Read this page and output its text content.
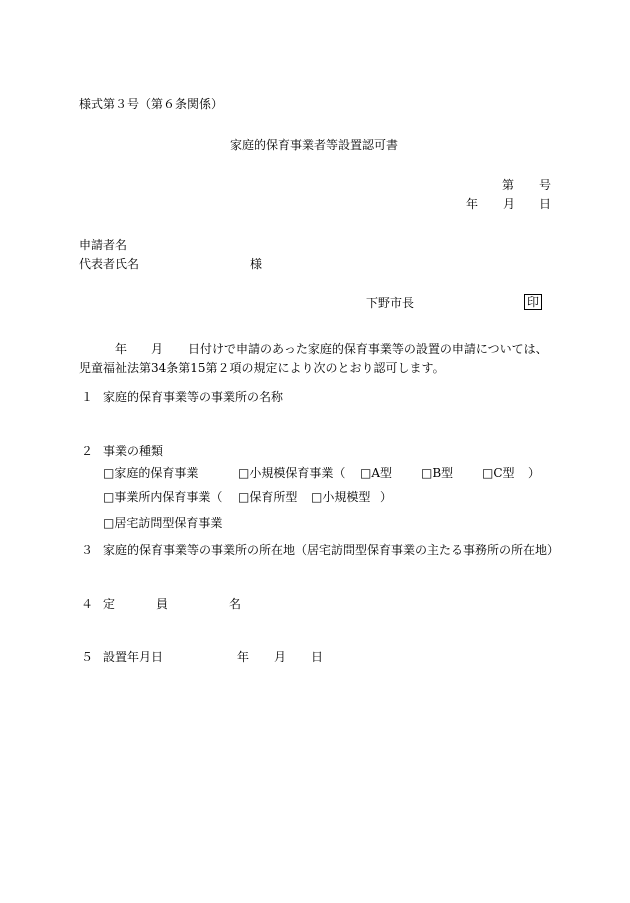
様式第３号（第６条関係）
家庭的保育事業者等設置認可書
第 号
年 月 日
申請者名
代表者氏名	様
下野市長	印
年 月 日付けで申請のあった家庭的保育事業等の設置の申請については、
児童福祉法第34条第15第２項の規定により次のとおり認可します。
１ 家庭的保育事業等の事業所の名称
２ 事業の種類
□家庭的保育事業	□小規模保育事業（ □A型 □B型 □C型 ）
□事業所内保育事業（ □保育所型 □小規模型 ）
□居宅訪問型保育事業
３ 家庭的保育事業等の事業所の所在地（居宅訪問型保育事業の主たる事務所の所在地）
４ 定	員	名
５ 設置年月日	年 月 日
